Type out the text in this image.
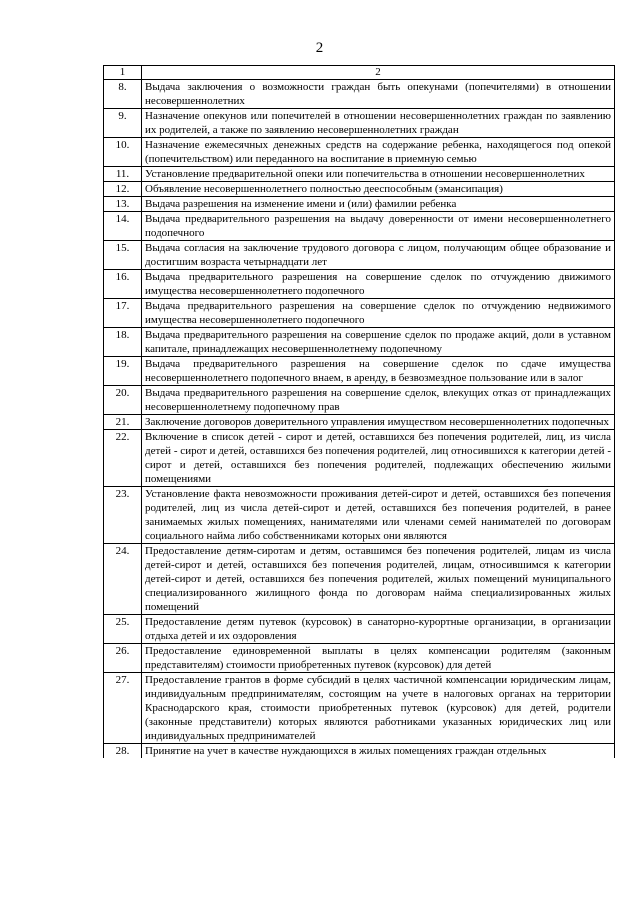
2
1	2
8.	Выдача заключения о возможности граждан быть опекунами (попечителями) в отношении несовершеннолетних
9.	Назначение опекунов или попечителей в отношении несовершеннолетних граждан по заявлению их родителей, а также по заявлению несовершеннолетних граждан
10.	Назначение ежемесячных денежных средств на содержание ребенка, находящегося под опекой (попечительством) или переданного на воспитание в приемную семью
11.	Установление предварительной опеки или попечительства в отношении несовершеннолетних
12.	Объявление несовершеннолетнего полностью дееспособным (эмансипация)
13.	Выдача разрешения на изменение имени и (или) фамилии ребенка
14.	Выдача предварительного разрешения на выдачу доверенности от имени несовершеннолетнего подопечного
15.	Выдача согласия на заключение трудового договора с лицом, получающим общее образование и достигшим возраста четырнадцати лет
16.	Выдача предварительного разрешения на совершение сделок по отчуждению движимого имущества несовершеннолетнего подопечного
17.	Выдача предварительного разрешения на совершение сделок по отчуждению недвижимого имущества несовершеннолетнего подопечного
18.	Выдача предварительного разрешения на совершение сделок по продаже акций, доли в уставном капитале, принадлежащих несовершеннолетнему подопечному
19.	Выдача предварительного разрешения на совершение сделок по сдаче имущества несовершеннолетнего подопечного внаем, в аренду, в безвозмездное пользование или в залог
20.	Выдача предварительного разрешения на совершение сделок, влекущих отказ от принадлежащих несовершеннолетнему подопечному прав
21.	Заключение договоров доверительного управления имуществом несовершеннолетних подопечных
22.	Включение в список детей - сирот и детей, оставшихся без попечения родителей, лиц, из числа детей - сирот и детей, оставшихся без попечения родителей, лиц относившихся к категории детей - сирот и детей, оставшихся без попечения родителей, подлежащих обеспечению жилыми помещениями
23.	Установление факта невозможности проживания детей-сирот и детей, оставшихся без попечения родителей, лиц из числа детей-сирот и детей, оставшихся без попечения родителей, в ранее занимаемых жилых помещениях, нанимателями или членами семей нанимателей по договорам социального найма либо собственниками которых они являются
24.	Предоставление детям-сиротам и детям, оставшимся без попечения родителей, лицам из числа детей-сирот и детей, оставшихся без попечения родителей, лицам, относившимся к категории детей-сирот и детей, оставшихся без попечения родителей, жилых помещений муниципального специализированного жилищного фонда по договорам найма специализированных жилых помещений
25.	Предоставление детям путевок (курсовок) в санаторно-курортные организации, в организации отдыха детей и их оздоровления
26.	Предоставление единовременной выплаты в целях компенсации родителям (законным представителям) стоимости приобретенных путевок (курсовок) для детей
27.	Предоставление грантов в форме субсидий в целях частичной компенсации юридическим лицам, индивидуальным предпринимателям, состоящим на учете в налоговых органах на территории Краснодарского края, стоимости приобретенных путевок (курсовок) для детей, родители (законные представители) которых являются работниками указанных юридических лиц или индивидуальных предпринимателей
28.	Принятие на учет в качестве нуждающихся в жилых помещениях граждан отдельных
